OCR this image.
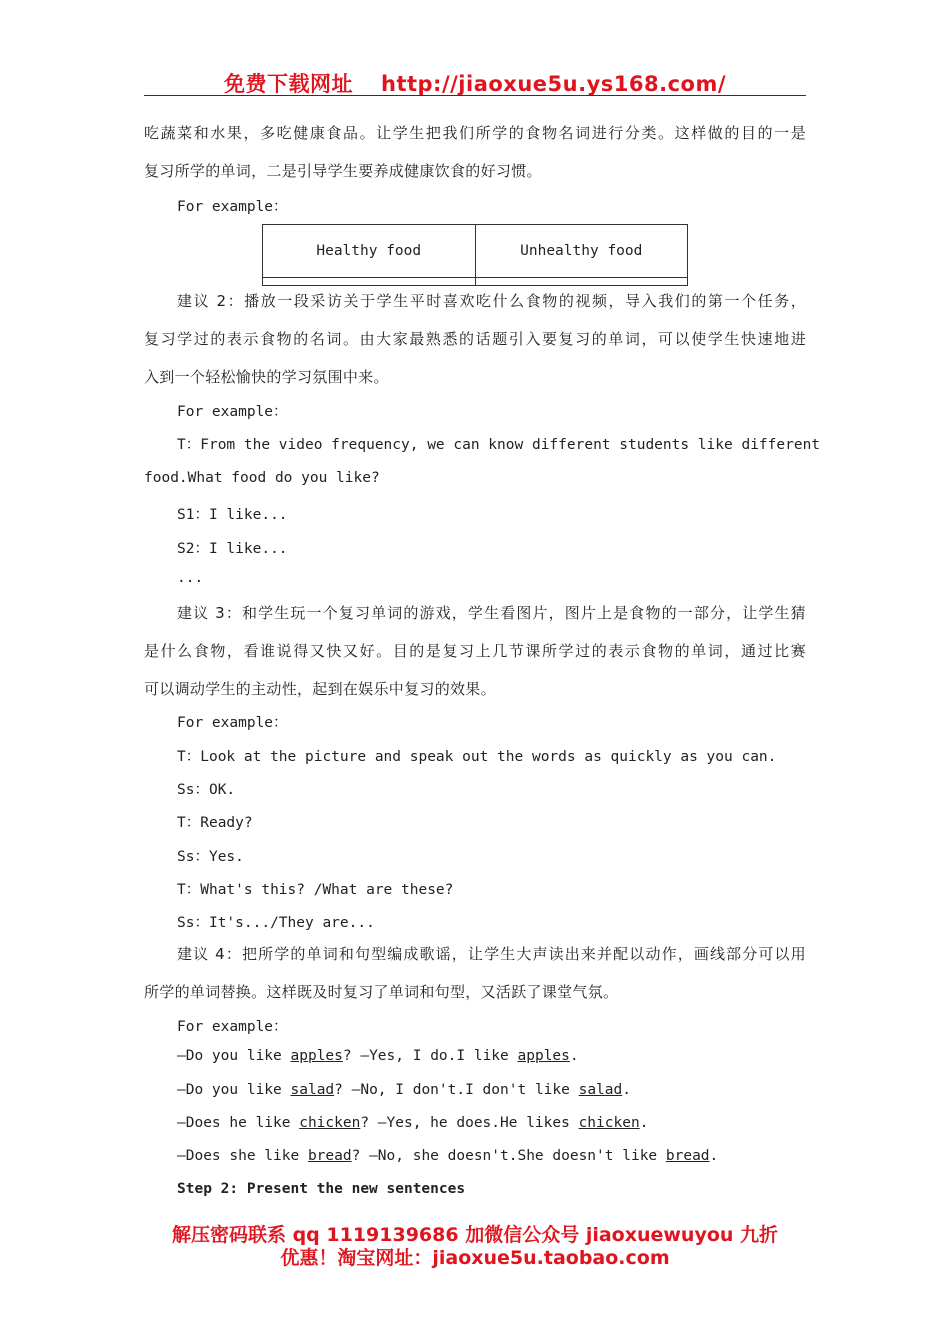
免费下载网址 http://jiaoxue5u.ys168.com/
吃蔬菜和水果，多吃健康食品。让学生把我们所学的食物名词进行分类。这样做的目的一是
复习所学的单词，二是引导学生要养成健康饮食的好习惯。
For example：
Healthy food	Unhealthy food

建议 2：播放一段采访关于学生平时喜欢吃什么食物的视频，导入我们的第一个任务，
复习学过的表示食物的名词。由大家最熟悉的话题引入要复习的单词，可以使学生快速地进
入到一个轻松愉快的学习氛围中来。
For example：
T：From the video frequency, we can know different students like different
food.What food do you like?
S1：I like...
S2：I like...
...
建议 3：和学生玩一个复习单词的游戏，学生看图片，图片上是食物的一部分，让学生猜
是什么食物，看谁说得又快又好。目的是复习上几节课所学过的表示食物的单词，通过比赛
可以调动学生的主动性，起到在娱乐中复习的效果。
For example：
T：Look at the picture and speak out the words as quickly as you can.
Ss：OK.
T：Ready?
Ss：Yes.
T：What's this? /What are these?
Ss：It's.../They are...
建议 4：把所学的单词和句型编成歌谣，让学生大声读出来并配以动作，画线部分可以用
所学的单词替换。这样既及时复习了单词和句型，又活跃了课堂气氛。
For example：
—Do you like apples? —Yes, I do.I like apples.
—Do you like salad? —No, I don't.I don't like salad.
—Does he like chicken? —Yes, he does.He likes chicken.
—Does she like bread? —No, she doesn't.She doesn't like bread.
Step 2: Present the new sentences
解压密码联系 qq 1119139686 加微信公众号 jiaoxuewuyou 九折
优惠！淘宝网址：jiaoxue5u.taobao.com
